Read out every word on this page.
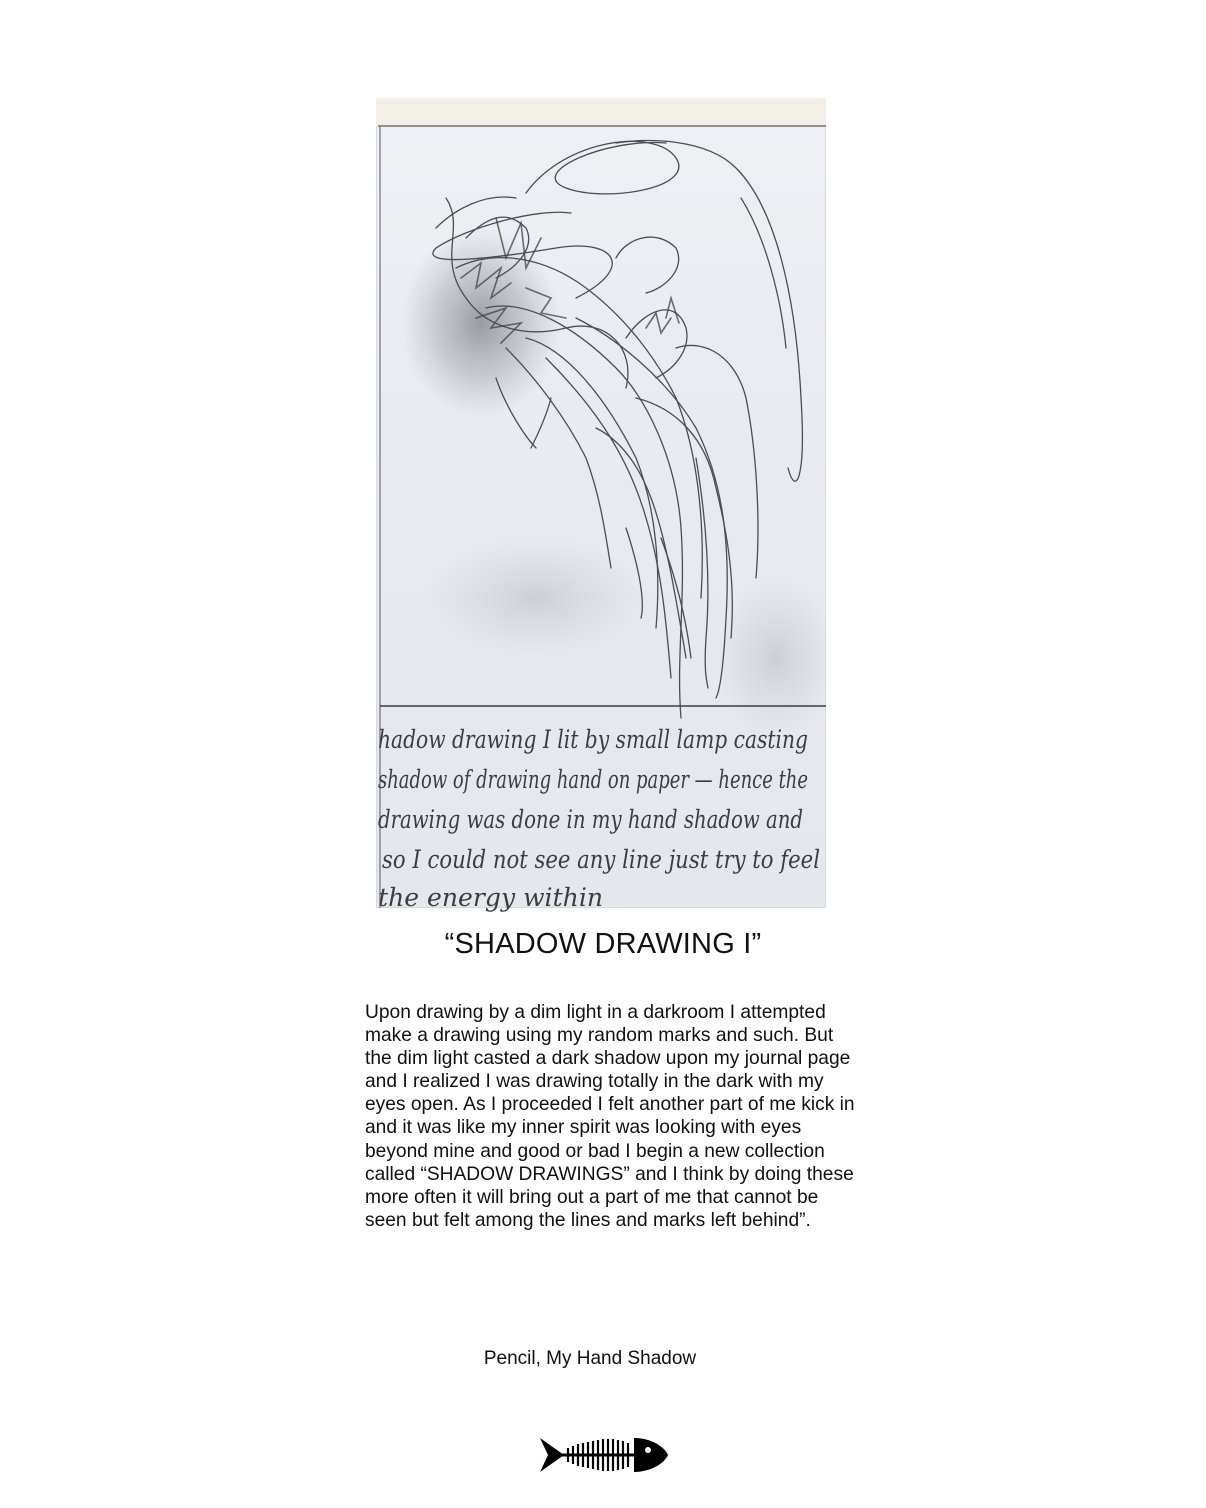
hadow drawing I lit by small lamp casting
shadow of drawing hand on paper — hence the
drawing was done in my hand shadow and
so I could not see any line just try to feel
the energy within
“SHADOW DRAWING I”

Upon drawing by a dim light in a darkroom I attempted make a drawing using my random marks and such. But the dim light casted a dark shadow upon my journal page and I realized I was drawing totally in the dark with my eyes open. As I proceeded I felt another part of me kick in and it was like my inner spirit was looking with eyes beyond mine and good or bad I begin a new collection called “SHADOW DRAWINGS” and I think by doing these more often it will bring out a part of me that cannot be seen but felt among the lines and marks left behind”.

Pencil, My Hand Shadow
